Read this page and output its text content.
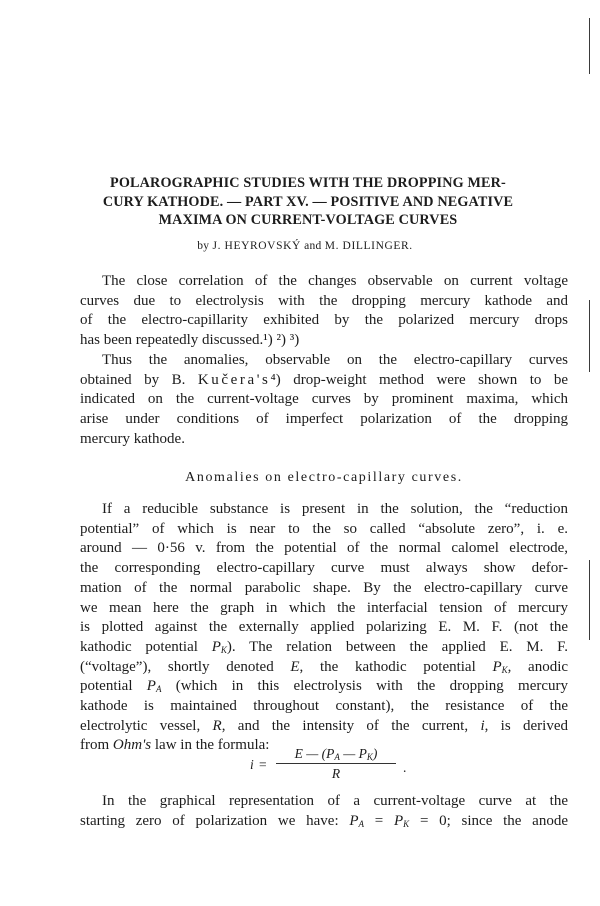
POLAROGRAPHIC STUDIES WITH THE DROPPING MER-
CURY KATHODE. — PART XV. — POSITIVE AND NEGATIVE
MAXIMA ON CURRENT-VOLTAGE CURVES
by J. HEYROVSKÝ and M. DILLINGER.
The close correlation of the changes observable on current voltage
curves due to electrolysis with the dropping mercury kathode and
of the electro-capillarity exhibited by the polarized mercury drops
has been repeatedly discussed.¹) ²) ³)
Thus the anomalies, observable on the electro-capillary curves
obtained by B. Kučera's⁴) drop-weight method were shown to be
indicated on the current-voltage curves by prominent maxima, which
arise under conditions of imperfect polarization of the dropping
mercury kathode.
Anomalies on electro-capillary curves.
If a reducible substance is present in the solution, the “reduction
potential” of which is near to the so called “absolute zero”, i. e.
around — 0·56 v. from the potential of the normal calomel electrode,
the corresponding electro-capillary curve must always show defor-
mation of the normal parabolic shape. By the electro-capillary curve
we mean here the graph in which the interfacial tension of mercury
is plotted against the externally applied polarizing E. M. F. (not the
kathodic potential $P_K$). The relation between the applied E. M. F.
(“voltage”), shortly denoted E, the kathodic potential $P_K$, anodic
potential $P_A$ (which in this electrolysis with the dropping mercury
kathode is maintained throughout constant), the resistance of the
electrolytic vessel, R, and the intensity of the current, i, is derived
from Ohm's law in the formula:
i =
E — ($P_A$ — $P_K$)
R	.
In the graphical representation of a current-voltage curve at the
starting zero of polarization we have: $P_A = P_K = 0$; since the anode
